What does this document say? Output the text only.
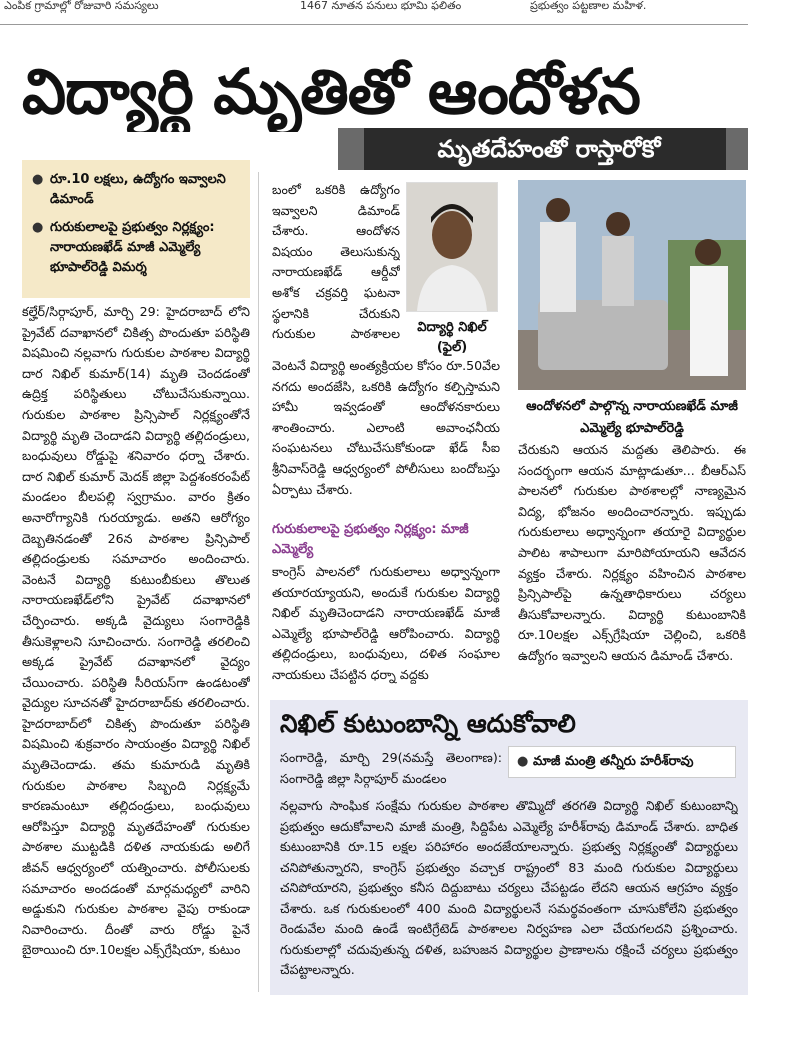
ఎంపిక గ్రామాల్లో రోజువారి సమస్యలు	1467 నూతన పనులు భూమి ఫలితం	ప్రభుత్వం పట్టణాల మహిళ.
విద్యార్థి మృతితో ఆందోళన
మృతదేహంతో రాస్తారోకో
● రూ.10 లక్షలు, ఉద్యోగం ఇవ్వాలని డిమాండ్
● గురుకులాలపై ప్రభుత్వం నిర్లక్ష్యం: నారాయణఖేడ్ మాజీ ఎమ్మెల్యే భూపాల్‌రెడ్డి విమర్శ

కల్హేర్/సిర్గాపూర్, మార్చి 29: హైదరాబాద్ లోని ప్రైవేట్ దవాఖానలో చికిత్స పొందుతూ పరిస్థితి విషమించి నల్లవాగు గురుకుల పాఠశాల విద్యార్థి దార నిఖిల్ కుమార్(14) మృతి చెందడంతో ఉద్రిక్త పరిస్థితులు చోటుచేసుకున్నాయి. గురుకుల పాఠశాల ప్రిన్సిపాల్ నిర్లక్ష్యంతోనే విద్యార్థి మృతి చెందాడని విద్యార్థి తల్లిదండ్రులు, బంధువులు రోడ్డుపై శనివారం ధర్నా చేశారు. దార నిఖిల్ కుమార్ మెదక్ జిల్లా పెద్దశంకరంపేట్ మండలం బీలపల్లి స్వగ్రామం. వారం క్రితం అనారోగ్యానికి గురయ్యాడు. అతని ఆరోగ్యం దెబ్బతినడంతో 26న పాఠశాల ప్రిన్సిపాల్ తల్లిదండ్రులకు సమాచారం అందించారు. వెంటనే విద్యార్థి కుటుంబీకులు తొలుత నారాయణఖేడ్‌లోని ప్రైవేట్ దవాఖానలో చేర్పించారు. అక్కడి వైద్యులు సంగారెడ్డికి తీసుకెళ్లాలని సూచించారు. సంగారెడ్డి తరలించి అక్కడ ప్రైవేట్ దవాఖానలో వైద్యం చేయించారు. పరిస్థితి సీరియస్‌గా ఉండటంతో వైద్యుల సూచనతో హైదరాబాద్‌కు తరలించారు. హైదరాబాద్‌లో చికిత్స పొందుతూ పరిస్థితి విషమించి శుక్రవారం సాయంత్రం విద్యార్థి నిఖిల్ మృతిచెందాడు. తమ కుమారుడి మృతికి గురుకుల పాఠశాల సిబ్బంది నిర్లక్ష్యమే కారణమంటూ తల్లిదండ్రులు, బంధువులు ఆరోపిస్తూ విద్యార్థి మృతదేహంతో గురుకుల పాఠశాల ముట్టడికి దళిత నాయకుడు అలిగే జీవన్ ఆధ్వర్యంలో యత్నించారు. పోలీసులకు సమాచారం అందడంతో మార్గమధ్యలో వారిని అడ్డుకుని గురుకుల పాఠశాల వైపు రాకుండా నివారించారు. దీంతో వారు రోడ్డు పైనే బైఠాయించి రూ.10లక్షల ఎక్స్‌గ్రేషియా, కుటుం

బంలో ఒకరికి ఉద్యోగం ఇవ్వాలని డిమాండ్ చేశారు. ఆందోళన విషయం తెలుసుకున్న నారాయణఖేడ్ ఆర్డీవో అశోక చక్రవర్తి ఘటనా స్థలానికి చేరుకుని గురుకుల పాఠశాలల	విద్యార్థి నిఖిల్ (ఫైల్)
ఆందోళనలో పాల్గొన్న నారాయణఖేడ్ మాజీ ఎమ్మెల్యే భూపాల్‌రెడ్డి

వెంటనే విద్యార్థి అంత్యక్రియల కోసం రూ.50వేల నగదు అందజేసి, ఒకరికి ఉద్యోగం కల్పిస్తామని హామీ ఇవ్వడంతో ఆందోళనకారులు శాంతించారు. ఎలాంటి అవాంఛనీయ సంఘటనలు చోటుచేసుకోకుండా ఖేడ్ సీఐ శ్రీనివాస్‌రెడ్డి ఆధ్వర్యంలో పోలీసులు బందోబస్తు ఏర్పాటు చేశారు.

గురుకులాలపై ప్రభుత్వం నిర్లక్ష్యం: మాజీ ఎమ్మెల్యే

కాంగ్రెస్ పాలనలో గురుకులాలు అధ్వాన్నంగా తయారయ్యాయని, అందుకే గురుకుల విద్యార్థి నిఖిల్ మృతిచెందాడని నారాయణఖేడ్ మాజీ ఎమ్మెల్యే భూపాల్‌రెడ్డి ఆరోపించారు. విద్యార్థి తల్లిదండ్రులు, బంధువులు, దళిత సంఘాల నాయకులు చేపట్టిన ధర్నా వద్దకు

చేరుకుని ఆయన మద్దతు తెలిపారు. ఈ సందర్భంగా ఆయన మాట్లాడుతూ... బీఆర్ఎస్ పాలనలో గురుకుల పాఠశాలల్లో నాణ్యమైన విద్య, భోజనం అందించారన్నారు. ఇప్పుడు గురుకులాలు అధ్వాన్నంగా తయారై విద్యార్థుల పాలిట శాపాలుగా మారిపోయాయని ఆవేదన వ్యక్తం చేశారు. నిర్లక్ష్యం వహించిన పాఠశాల ప్రిన్సిపాల్‌పై ఉన్నతాధికారులు చర్యలు తీసుకోవాలన్నారు. విద్యార్థి కుటుంబానికి రూ.10లక్షల ఎక్స్‌గ్రేషియా చెల్లించి, ఒకరికి ఉద్యోగం ఇవ్వాలని ఆయన డిమాండ్ చేశారు.

నిఖిల్ కుటుంబాన్ని ఆదుకోవాలి
● మాజీ మంత్రి తన్నీరు హరీశ్‌రావు
సంగారెడ్డి, మార్చి 29(నమస్తే తెలంగాణ): సంగారెడ్డి జిల్లా సిర్గాపూర్ మండలం
నల్లవాగు సాంఘిక సంక్షేమ గురుకుల పాఠశాల తొమ్మిదో తరగతి విద్యార్థి నిఖిల్ కుటుంబాన్ని ప్రభుత్వం ఆదుకోవాలని మాజీ మంత్రి, సిద్దిపేట ఎమ్మెల్యే హరీశ్‌రావు డిమాండ్ చేశారు. బాధిత కుటుంబానికి రూ.15 లక్షల పరిహారం అందజేయాలన్నారు. ప్రభుత్వ నిర్లక్ష్యంతో విద్యార్థులు చనిపోతున్నారని, కాంగ్రెస్ ప్రభుత్వం వచ్చాక రాష్ట్రంలో 83 మంది గురుకుల విద్యార్థులు చనిపోయారని, ప్రభుత్వం కనీస దిద్దుబాటు చర్యలు చేపట్టడం లేదని ఆయన ఆగ్రహం వ్యక్తం చేశారు. ఒక గురుకులంలో 400 మంది విద్యార్థులనే సమర్థవంతంగా చూసుకోలేని ప్రభుత్వం రెండువేల మంది ఉండే ఇంటిగ్రేటెడ్ పాఠశాలల నిర్వహణ ఎలా చేయగలదని ప్రశ్నించారు. గురుకులాల్లో చదువుతున్న దళిత, బహుజన విద్యార్థుల ప్రాణాలను రక్షించే చర్యలు ప్రభుత్వం చేపట్టాలన్నారు.
